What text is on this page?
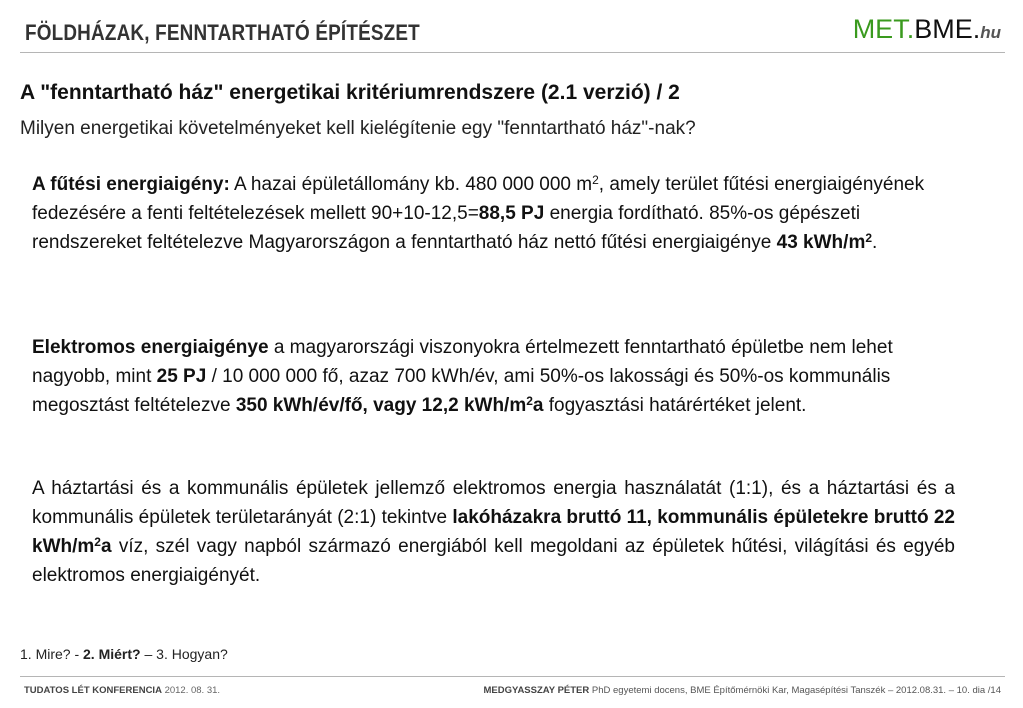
FÖLDHÁZAK, FENNTARTHATÓ ÉPÍTÉSZET	MET.BME.hu
A "fenntartható ház" energetikai kritériumrendszere (2.1 verzió) / 2
Milyen energetikai követelményeket kell kielégítenie egy "fenntartható ház"-nak?
A fűtési energiaigény: A hazai épületállomány kb. 480 000 000 $m^2$, amely terület fűtési energiaigényének fedezésére a fenti feltételezések mellett 90+10-12,5=88,5 PJ energia fordítható. 85%-os gépészeti rendszereket feltételezve Magyarországon a fenntartható ház nettó fűtési energiaigénye 43 kWh/$m^2$.
Elektromos energiaigénye a magyarországi viszonyokra értelmezett fenntartható épületbe nem lehet nagyobb, mint 25 PJ / 10 000 000 fő, azaz 700 kWh/év, ami 50%-os lakossági és 50%-os kommunális megosztást feltételezve 350 kWh/év/fő, vagy 12,2 kWh/$m^2a$ fogyasztási határértéket jelent.
A háztartási és a kommunális épületek jellemző elektromos energia használatát (1:1), és a háztartási és a kommunális épületek területarányát (2:1) tekintve lakóházakra bruttó 11, kommunális épületekre bruttó 22 kWh/$m^2a$ víz, szél vagy napból származó energiából kell megoldani az épületek hűtési, világítási és egyéb elektromos energiaigényét.
1. Mire? - 2. Miért? – 3. Hogyan?
TUDATOS LÉT KONFERENCIA 2012. 08. 31.	MEDGYASSZAY PÉTER PhD egyetemi docens, BME Építőmérnöki Kar, Magasépítési Tanszék – 2012.08.31. – 10. dia /14
